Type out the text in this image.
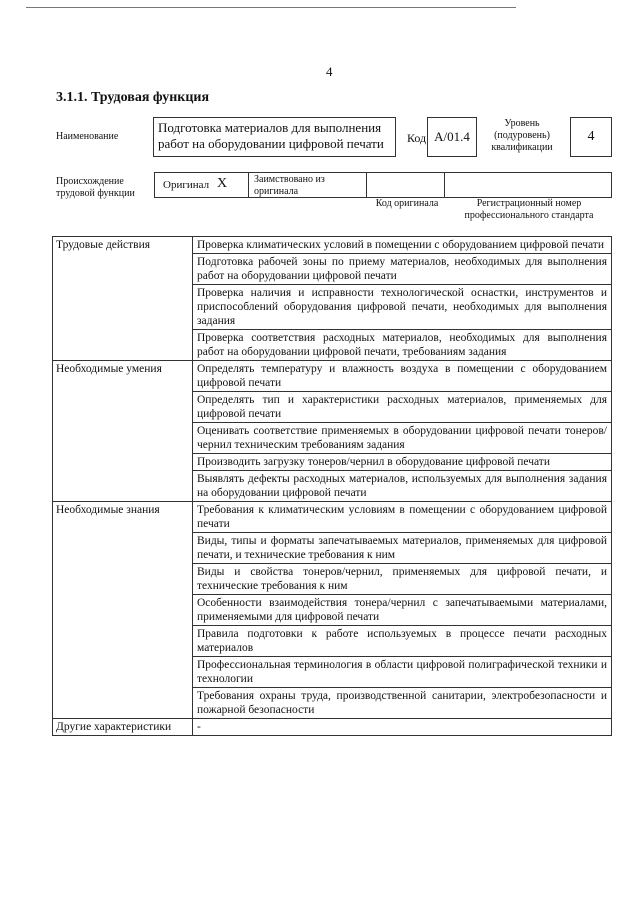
4
3.1.1. Трудовая функция
Наименование
Подготовка материалов для выполнения работ на оборудовании цифровой печати	Код A/01.4
Уровень (подуровень) квалификации
4
Происхождение трудовой функции
Оригинал X	Заимствовано из оригинала
Код оригинала	Регистрационный номер профессионального стандарта
Трудовые действия	Проверка климатических условий в помещении с оборудованием цифровой печати
	Подготовка рабочей зоны по приему материалов, необходимых для выполнения работ на оборудовании цифровой печати
	Проверка наличия и исправности технологической оснастки, инструментов и приспособлений оборудования цифровой печати, необходимых для выполнения задания
	Проверка соответствия расходных материалов, необходимых для выполнения работ на оборудовании цифровой печати, требованиям задания
Необходимые умения	Определять температуру и влажность воздуха в помещении с оборудованием цифровой печати
	Определять тип и характеристики расходных материалов, применяемых для цифровой печати
	Оценивать соответствие применяемых в оборудовании цифровой печати тонеров/чернил техническим требованиям задания
	Производить загрузку тонеров/чернил в оборудование цифровой печати
	Выявлять дефекты расходных материалов, используемых для выполнения задания на оборудовании цифровой печати
Необходимые знания	Требования к климатическим условиям в помещении с оборудованием цифровой печати
	Виды, типы и форматы запечатываемых материалов, применяемых для цифровой печати, и технические требования к ним
	Виды и свойства тонеров/чернил, применяемых для цифровой печати, и технические требования к ним
	Особенности взаимодействия тонера/чернил с запечатываемыми материалами, применяемыми для цифровой печати
	Правила подготовки к работе используемых в процессе печати расходных материалов
	Профессиональная терминология в области цифровой полиграфической техники и технологии
	Требования охраны труда, производственной санитарии, электробезопасности и пожарной безопасности
Другие характеристики	-
